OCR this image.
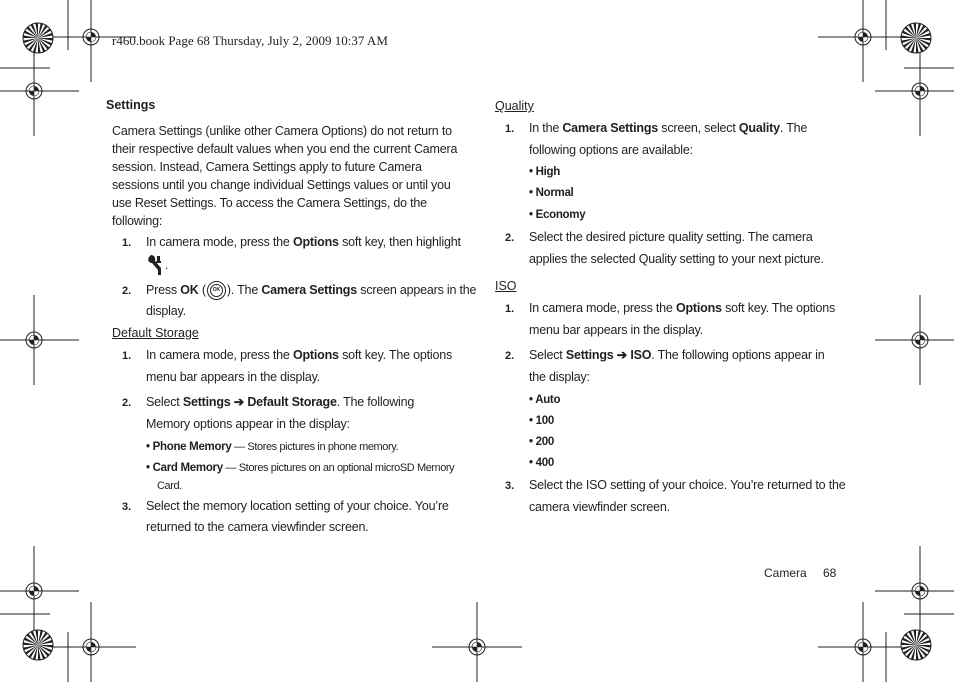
r460.book Page 68 Thursday, July 2, 2009 10:37 AM
Settings
Camera Settings (unlike other Camera Options) do not return to
their respective default values when you end the current Camera
session. Instead, Camera Settings apply to future Camera
sessions until you change individual Settings values or until you
use Reset Settings. To access the Camera Settings, do the
following:
1. In camera mode, press the Options soft key, then highlight
.
2. Press OK (	OK ). The Camera Settings screen appears in the
display.
Default Storage
1. In camera mode, press the Options soft key. The options
menu bar appears in the display.
2. Select Settings ➔ Default Storage. The following
Memory options appear in the display:
• Phone Memory — Stores pictures in phone memory.
• Card Memory — Stores pictures on an optional microSD Memory
Card.
3. Select the memory location setting of your choice. You’re
returned to the camera viewfinder screen.
Quality
1. In the Camera Settings screen, select Quality. The
following options are available:
• High
• Normal
• Economy
2. Select the desired picture quality setting. The camera
applies the selected Quality setting to your next picture.
ISO
1. In camera mode, press the Options soft key. The options
menu bar appears in the display.
2. Select Settings ➔ ISO. The following options appear in
the display:
• Auto
• 100
• 200
• 400
3. Select the ISO setting of your choice. You’re returned to the
camera viewfinder screen.
Camera 68
